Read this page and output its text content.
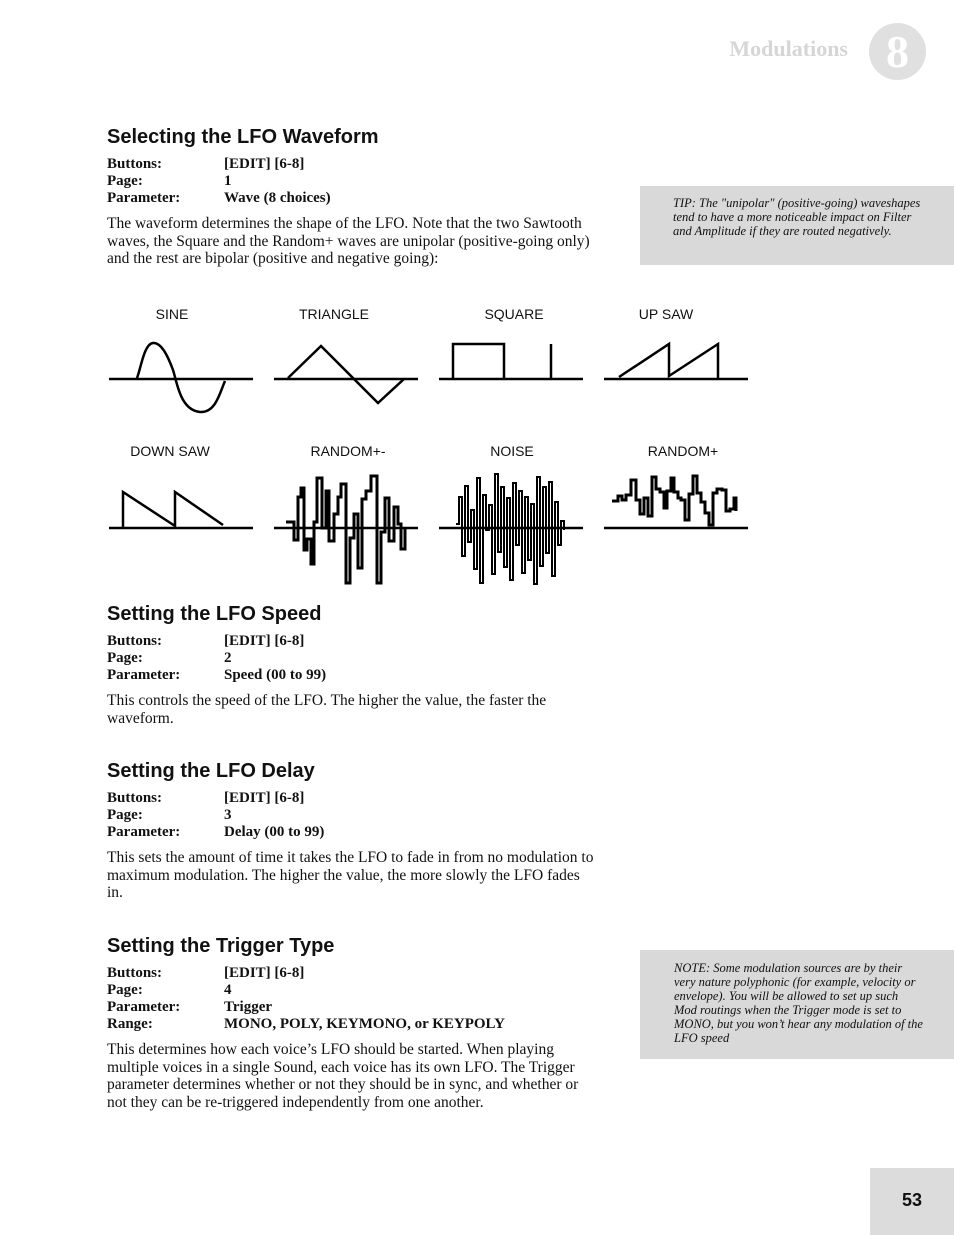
Modulations 8
Selecting the LFO Waveform
Buttons:	[EDIT] [6-8]
Page:	1
Parameter:	Wave (8 choices)
The waveform determines the shape of the LFO. Note that the two Sawtooth waves, the Square and the Random+ waves are unipolar (positive-going only) and the rest are bipolar (positive and negative going):
SINE	TRIANGLE	SQUARE	UP SAW
DOWN SAW	RANDOM+-	NOISE	RANDOM+
TIP: The "unipolar" (positive-going) waveshapes tend to have a more noticeable impact on Filter and Amplitude if they are routed negatively.
Setting the LFO Speed
Buttons:	[EDIT] [6-8]
Page:	2
Parameter:	Speed (00 to 99)
This controls the speed of the LFO. The higher the value, the faster the waveform.
Setting the LFO Delay
Buttons:	[EDIT] [6-8]
Page:	3
Parameter:	Delay (00 to 99)
This sets the amount of time it takes the LFO to fade in from no modulation to maximum modulation. The higher the value, the more slowly the LFO fades in.
Setting the Trigger Type
Buttons:	[EDIT] [6-8]
Page:	4
Parameter:	Trigger
Range:	MONO, POLY, KEYMONO, or KEYPOLY
This determines how each voice’s LFO should be started. When playing multiple voices in a single Sound, each voice has its own LFO. The Trigger parameter determines whether or not they should be in sync, and whether or not they can be re-triggered independently from one another.
NOTE: Some modulation sources are by their very nature polyphonic (for example, velocity or envelope). You will be allowed to set up such Mod routings when the Trigger mode is set to MONO, but you won’t hear any modulation of the LFO speed
53
